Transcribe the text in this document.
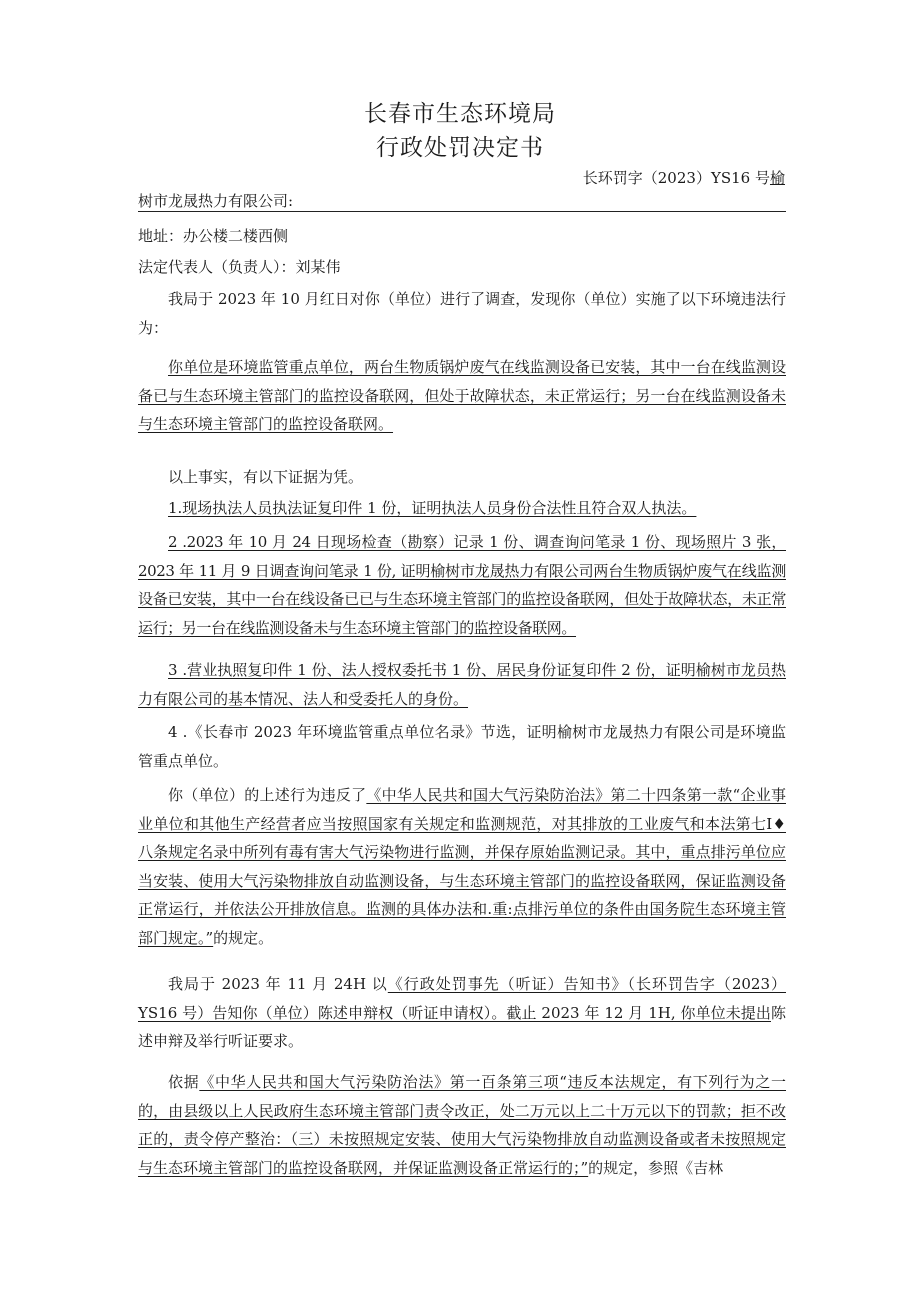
长春市生态环境局
行政处罚决定书
长环罚字（2023）YS16 号榆
树市龙晟热力有限公司:
地址：办公楼二楼西侧
法定代表人（负责人）：刘某伟
我局于 2023 年 10 月红日对你（单位）进行了调查，发现你（单位）实施了以下环境违法行为：
你单位是环境监管重点单位，两台生物质锅炉废气在线监测设备已安装，其中一台在线监测设备已与生态环境主管部门的监控设备联网，但处于故障状态，未正常运行；另一台在线监测设备未与生态环境主管部门的监控设备联网。
以上事实，有以下证据为凭。
1.现场执法人员执法证复印件 1 份，证明执法人员身份合法性且符合双人执法。
2 .2023 年 10 月 24 日现场检查（勘察）记录 1 份、调查询问笔录 1 份、现场照片 3 张，2023 年 11 月 9 日调查询问笔录 1 份, 证明榆树市龙晟热力有限公司两台生物质锅炉废气在线监测设备已安装，其中一台在线设备已已与生态环境主管部门的监控设备联网，但处于故障状态，未正常运行；另一台在线监测设备未与生态环境主管部门的监控设备联网。
3 .营业执照复印件 1 份、法人授权委托书 1 份、居民身份证复印件 2 份，证明榆树市龙员热力有限公司的基本情况、法人和受委托人的身份。
4 .《长春市 2023 年环境监管重点单位名录》节选，证明榆树市龙晟热力有限公司是环境监管重点单位。
你（单位）的上述行为违反了《中华人民共和国大气污染防治法》第二十四条第一款“企业事业单位和其他生产经营者应当按照国家有关规定和监测规范，对其排放的工业废气和本法第七I♦八条规定名录中所列有毒有害大气污染物进行监测，并保存原始监测记录。其中，重点排污单位应当安装、使用大气污染物排放自动监测设备，与生态环境主管部门的监控设备联网，保证监测设备正常运行，并依法公开排放信息。监测的具体办法和.重:点排污单位的条件由国务院生态环境主管部门规定。”的规定。
我局于 2023 年 11 月 24H 以《行政处罚事先（听证）告知书》（长环罚告字（2023）YS16 号）告知你（单位）陈述申辩权（听证申请权）。截止 2023 年 12 月 1H, 你单位未提出陈述申辩及举行听证要求。
依据《中华人民共和国大气污染防治法》第一百条第三项“违反本法规定，有下列行为之一的，由县级以上人民政府生态环境主管部门责令改正，处二万元以上二十万元以下的罚款；拒不改正的，责令停产整治：（三）未按照规定安装、使用大气污染物排放自动监测设备或者未按照规定与生态环境主管部门的监控设备联网，并保证监测设备正常运行的；”的规定，参照《吉林
